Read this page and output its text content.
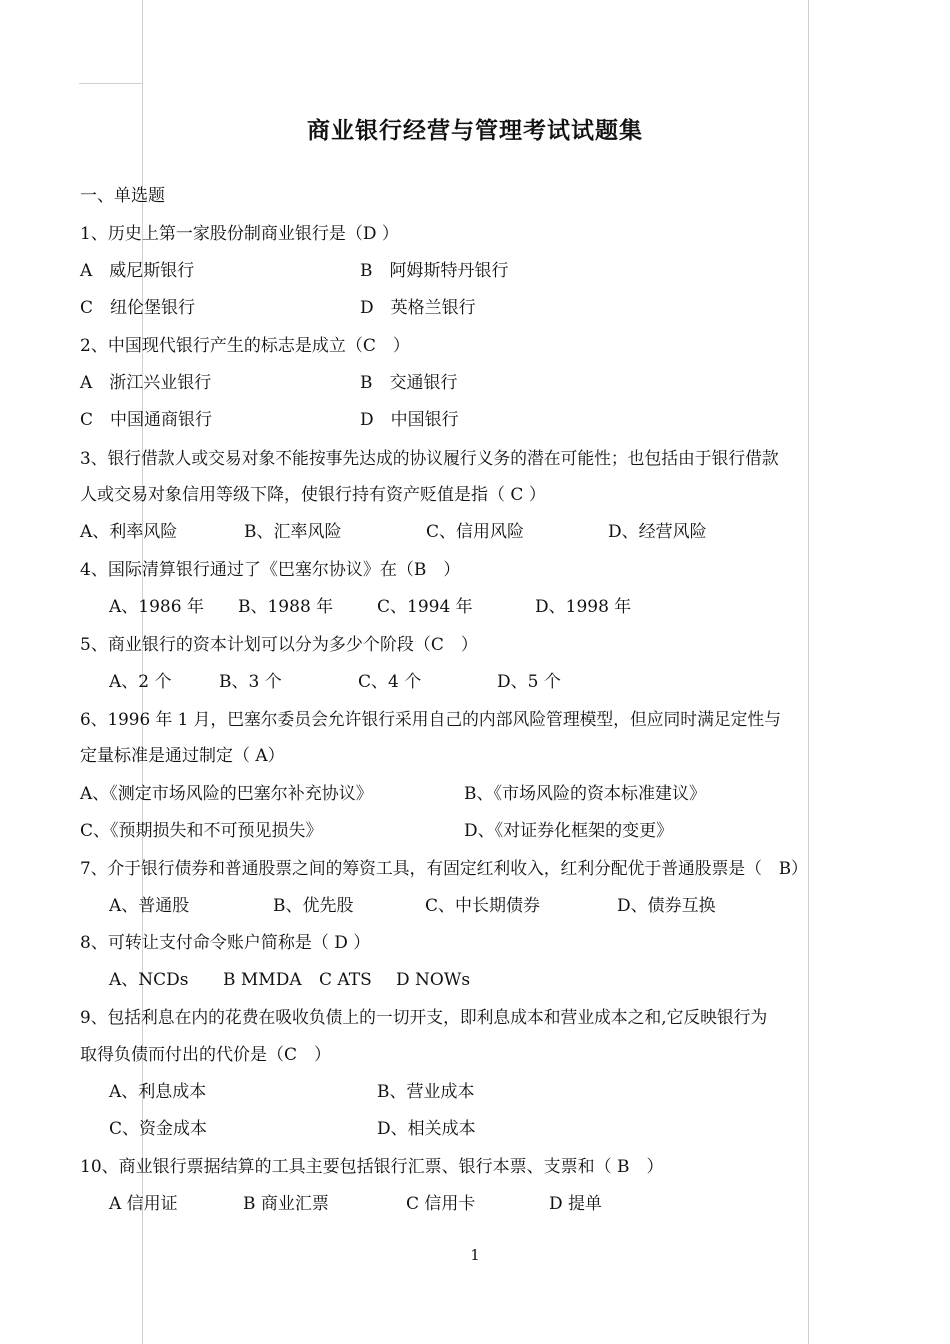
商业银行经营与管理考试试题集
一、单选题
1、历史上第一家股份制商业银行是（D ）
A　威尼斯银行	B　阿姆斯特丹银行
C　纽伦堡银行	D　英格兰银行
2、中国现代银行产生的标志是成立（C　）
A　浙江兴业银行	B　交通银行
C　中国通商银行	D　中国银行
3、银行借款人或交易对象不能按事先达成的协议履行义务的潜在可能性；也包括由于银行借款
人或交易对象信用等级下降，使银行持有资产贬值是指（ C ）
A、利率风险	B、汇率风险	C、信用风险	D、经营风险
4、国际清算银行通过了《巴塞尔协议》在（B　）
A、1986 年 B、1988 年	C、1994 年	D、1998 年
5、商业银行的资本计划可以分为多少个阶段（C　）
A、2 个	B、3 个	C、4 个	D、5 个
6、1996 年 1 月，巴塞尔委员会允许银行采用自己的内部风险管理模型，但应同时满足定性与
定量标准是通过制定（ A）
A、《测定市场风险的巴塞尔补充协议》	B、《市场风险的资本标准建议》
C、《预期损失和不可预见损失》	D、《对证券化框架的变更》
7、介于银行债券和普通股票之间的筹资工具，有固定红利收入，红利分配优于普通股票是（　B）
A、普通股	B、优先股	C、中长期债券	D、债券互换
8、可转让支付命令账户简称是（ D ）
A、NCDs B MMDA C ATS D NOWs
9、包括利息在内的花费在吸收负债上的一切开支，即利息成本和营业成本之和,它反映银行为
取得负债而付出的代价是（C　）
A、利息成本	B、营业成本
C、资金成本	D、相关成本
10、商业银行票据结算的工具主要包括银行汇票、银行本票、支票和（ B　）
A 信用证	B 商业汇票	C 信用卡	D 提单
1
